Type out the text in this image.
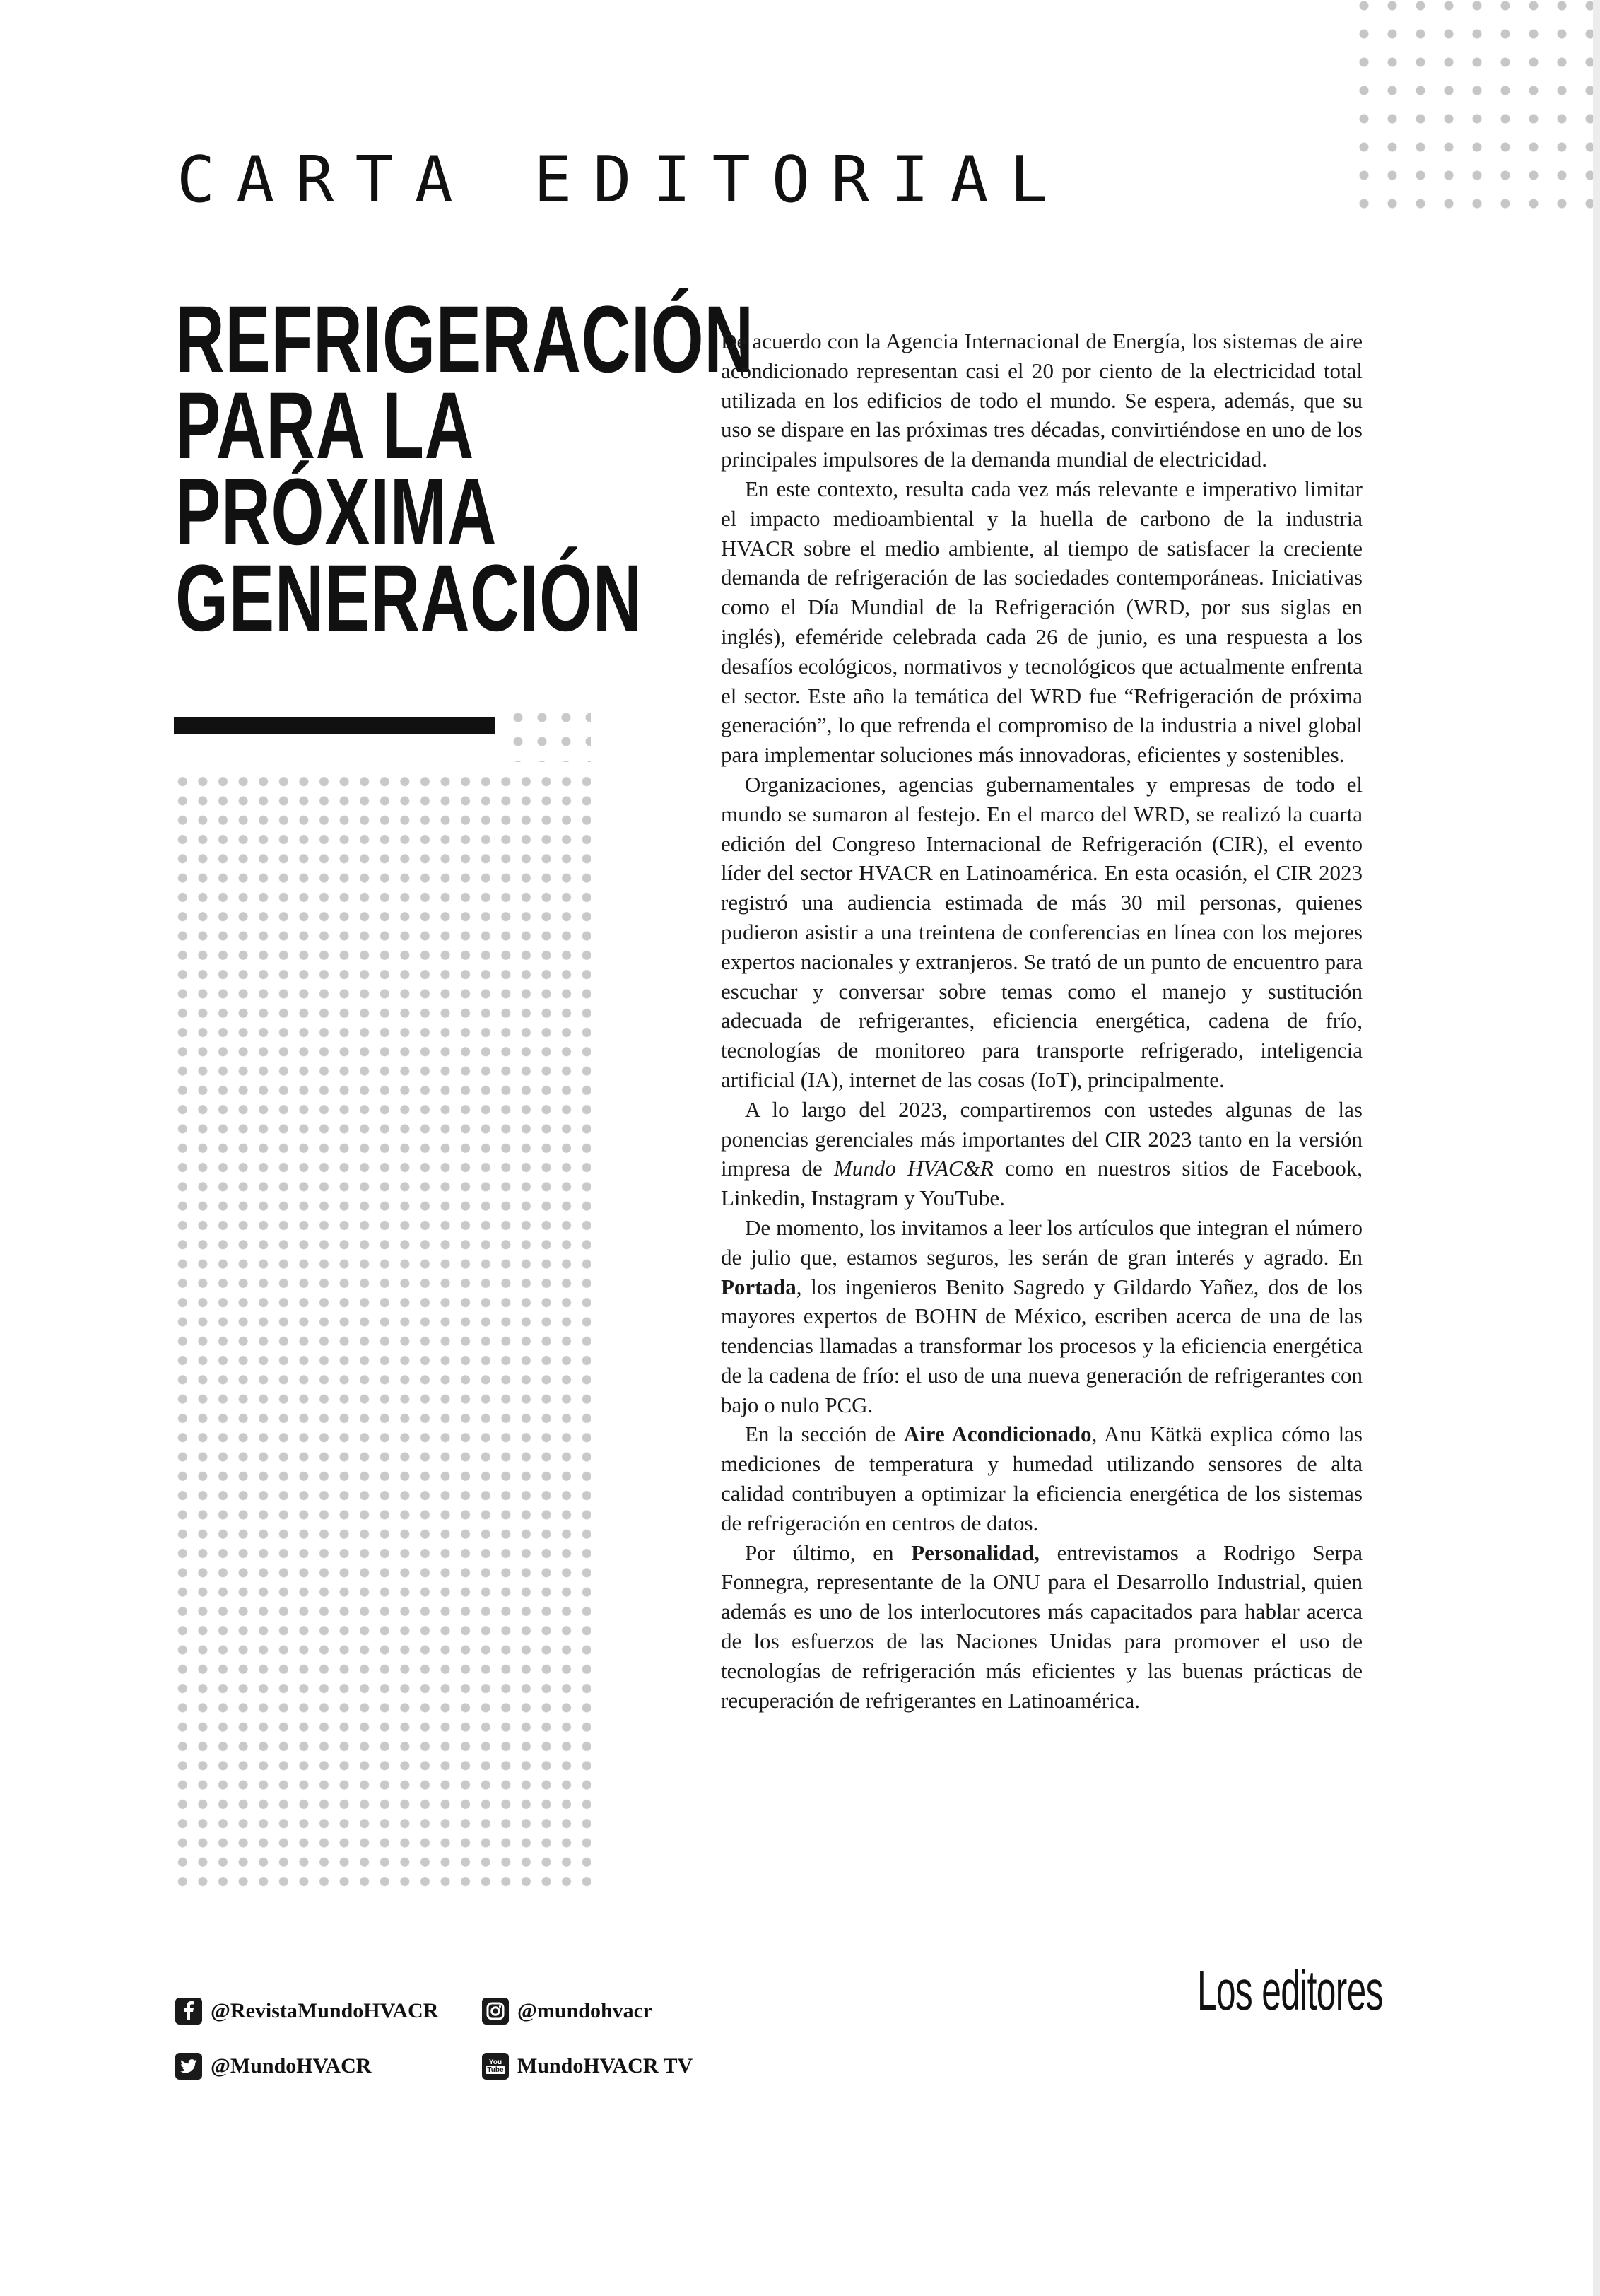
CARTA EDITORIAL
REFRIGERACIÓN
PARA LA
PRÓXIMA
GENERACIÓN

De acuerdo con la Agencia Internacional de Energía, los sistemas de aire acondicionado representan casi el 20 por ciento de la electricidad total utilizada en los edificios de todo el mundo. Se espera, además, que su uso se dispare en las próximas tres décadas, convirtiéndose en uno de los principales impulsores de la demanda mundial de electricidad.

En este contexto, resulta cada vez más relevante e imperativo limitar el impacto medioambiental y la huella de carbono de la industria HVACR sobre el medio ambiente, al tiempo de satisfacer la creciente demanda de refrigeración de las sociedades contemporáneas. Iniciativas como el Día Mundial de la Refrigeración (WRD, por sus siglas en inglés), efeméride celebrada cada 26 de junio, es una respuesta a los desafíos ecológicos, normativos y tecnológicos que actualmente enfrenta el sector. Este año la temática del WRD fue “Refrigeración de próxima generación”, lo que refrenda el compromiso de la industria a nivel global para implementar soluciones más innovadoras, eficientes y sostenibles.

Organizaciones, agencias gubernamentales y empresas de todo el mundo se sumaron al festejo. En el marco del WRD, se realizó la cuarta edición del Congreso Internacional de Refrigeración (CIR), el evento líder del sector HVACR en Latinoamérica. En esta ocasión, el CIR 2023 registró una audiencia estimada de más 30 mil personas, quienes pudieron asistir a una treintena de conferencias en línea con los mejores expertos nacionales y extranjeros. Se trató de un punto de encuentro para escuchar y conversar sobre temas como el manejo y sustitución adecuada de refrigerantes, eficiencia energética, cadena de frío, tecnologías de monitoreo para transporte refrigerado, inteligencia artificial (IA), internet de las cosas (IoT), principalmente.

A lo largo del 2023, compartiremos con ustedes algunas de las ponencias gerenciales más importantes del CIR 2023 tanto en la versión impresa de Mundo HVAC&R como en nuestros sitios de Facebook, Linkedin, Instagram y YouTube.

De momento, los invitamos a leer los artículos que integran el número de julio que, estamos seguros, les serán de gran interés y agrado. En Portada, los ingenieros Benito Sagredo y Gildardo Yañez, dos de los mayores expertos de BOHN de México, escriben acerca de una de las tendencias llamadas a transformar los procesos y la eficiencia energética de la cadena de frío: el uso de una nueva generación de refrigerantes con bajo o nulo PCG.

En la sección de Aire Acondicionado, Anu Kätkä explica cómo las mediciones de temperatura y humedad utilizando sensores de alta calidad contribuyen a optimizar la eficiencia energética de los sistemas de refrigeración en centros de datos.

Por último, en Personalidad, entrevistamos a Rodrigo Serpa Fonnegra, representante de la ONU para el Desarrollo Industrial, quien además es uno de los interlocutores más capacitados para hablar acerca de los esfuerzos de las Naciones Unidas para promover el uso de tecnologías de refrigeración más eficientes y las buenas prácticas de recuperación de refrigerantes en Latinoamérica.

Los editores
@RevistaMundoHVACR	@mundohvacr
@MundoHVACR	You
Tube MundoHVACR TV
